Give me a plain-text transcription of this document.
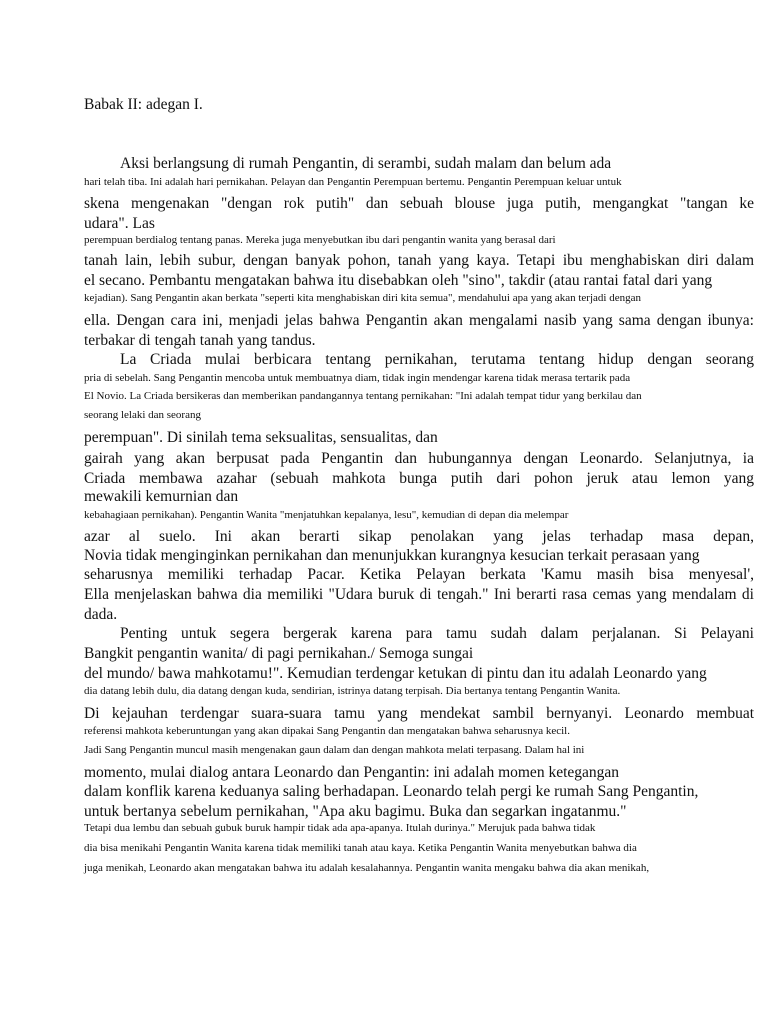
Babak II: adegan I.
Aksi berlangsung di rumah Pengantin, di serambi, sudah malam dan belum ada
hari telah tiba. Ini adalah hari pernikahan. Pelayan dan Pengantin Perempuan bertemu. Pengantin Perempuan keluar untuk
skena mengenakan "dengan rok putih" dan sebuah blouse juga putih, mengangkat "tangan ke
udara". Las
perempuan berdialog tentang panas. Mereka juga menyebutkan ibu dari pengantin wanita yang berasal dari
tanah lain, lebih subur, dengan banyak pohon, tanah yang kaya. Tetapi ibu menghabiskan diri dalam
el secano. Pembantu mengatakan bahwa itu disebabkan oleh "sino", takdir (atau rantai fatal dari yang
kejadian). Sang Pengantin akan berkata "seperti kita menghabiskan diri kita semua", mendahului apa yang akan terjadi dengan
ella. Dengan cara ini, menjadi jelas bahwa Pengantin akan mengalami nasib yang sama dengan ibunya:
terbakar di tengah tanah yang tandus.
La Criada mulai berbicara tentang pernikahan, terutama tentang hidup dengan seorang
pria di sebelah. Sang Pengantin mencoba untuk membuatnya diam, tidak ingin mendengar karena tidak merasa tertarik pada
El Novio. La Criada bersikeras dan memberikan pandangannya tentang pernikahan: "Ini adalah tempat tidur yang berkilau dan
seorang lelaki dan seorang
perempuan". Di sinilah tema seksualitas, sensualitas, dan
gairah yang akan berpusat pada Pengantin dan hubungannya dengan Leonardo. Selanjutnya, ia
Criada membawa azahar (sebuah mahkota bunga putih dari pohon jeruk atau lemon yang
mewakili kemurnian dan
kebahagiaan pernikahan). Pengantin Wanita "menjatuhkan kepalanya, lesu", kemudian di depan dia melempar
azar al suelo. Ini akan berarti sikap penolakan yang jelas terhadap masa depan,
Novia tidak menginginkan pernikahan dan menunjukkan kurangnya kesucian terkait perasaan yang
seharusnya memiliki terhadap Pacar. Ketika Pelayan berkata 'Kamu masih bisa menyesal',
Ella menjelaskan bahwa dia memiliki "Udara buruk di tengah." Ini berarti rasa cemas yang mendalam di
dada.
Penting untuk segera bergerak karena para tamu sudah dalam perjalanan. Si Pelayani
Bangkit pengantin wanita/ di pagi pernikahan./ Semoga sungai
del mundo/ bawa mahkotamu!". Kemudian terdengar ketukan di pintu dan itu adalah Leonardo yang
dia datang lebih dulu, dia datang dengan kuda, sendirian, istrinya datang terpisah. Dia bertanya tentang Pengantin Wanita.
Di kejauhan terdengar suara-suara tamu yang mendekat sambil bernyanyi. Leonardo membuat
referensi mahkota keberuntungan yang akan dipakai Sang Pengantin dan mengatakan bahwa seharusnya kecil.
Jadi Sang Pengantin muncul masih mengenakan gaun dalam dan dengan mahkota melati terpasang. Dalam hal ini
momento, mulai dialog antara Leonardo dan Pengantin: ini adalah momen ketegangan
dalam konflik karena keduanya saling berhadapan. Leonardo telah pergi ke rumah Sang Pengantin,
untuk bertanya sebelum pernikahan, "Apa aku bagimu. Buka dan segarkan ingatanmu."
Tetapi dua lembu dan sebuah gubuk buruk hampir tidak ada apa-apanya. Itulah durinya." Merujuk pada bahwa tidak
dia bisa menikahi Pengantin Wanita karena tidak memiliki tanah atau kaya. Ketika Pengantin Wanita menyebutkan bahwa dia
juga menikah, Leonardo akan mengatakan bahwa itu adalah kesalahannya. Pengantin wanita mengaku bahwa dia akan menikah,
